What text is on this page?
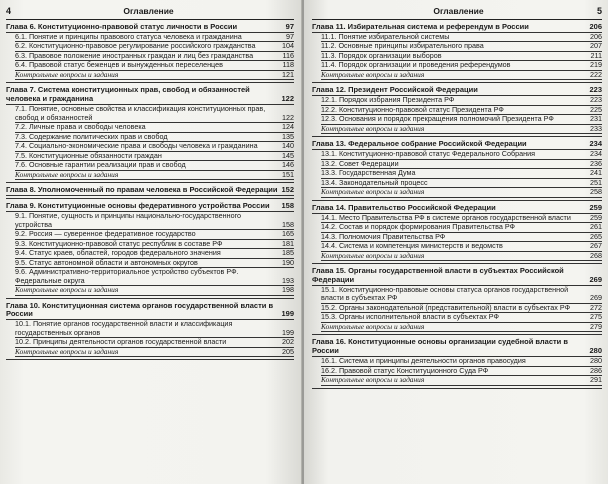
4	Оглавление
Глава 6. Конституционно-правовой статус личности в России	97
6.1. Понятие и принципы правового статуса человека и гражданина	97
6.2. Конституционно-правовое регулирование российского гражданства	104
6.3. Правовое положение иностранных граждан и лиц без гражданства	116
6.4. Правовой статус беженцев и вынужденных переселенцев	118
Контрольные вопросы и задания	121
Глава 7. Система конституционных прав, свобод и обязанностей человека и гражданина	122
7.1. Понятие, основные свойства и классификация конституционных прав, свобод и обязанностей	122
7.2. Личные права и свободы человека	124
7.3. Содержание политических прав и свобод	135
7.4. Социально-экономические права и свободы человека и гражданина	140
7.5. Конституционные обязанности граждан	145
7.6. Основные гарантии реализации прав и свобод	146
Контрольные вопросы и задания	151
Глава 8. Уполномоченный по правам человека в Российской Федерации 152
Глава 9. Конституционные основы федеративного устройства России	158
9.1. Понятие, сущность и принципы национально-государственного устройства	158
9.2. Россия — суверенное федеративное государство	165
9.3. Конституционно-правовой статус республик в составе РФ	181
9.4. Статус краев, областей, городов федерального значения	185
9.5. Статус автономной области и автономных округов	190
9.6. Административно-территориальное устройство субъектов РФ. Федеральные округа	193
Контрольные вопросы и задания	198
Глава 10. Конституционная система органов государственной власти в России	199
10.1. Понятие органов государственной власти и классификация государственных органов	199
10.2. Принципы деятельности органов государственной власти	202
Контрольные вопросы и задания	205
Оглавление	5
Глава 11. Избирательная система и референдум в России	206
11.1. Понятие избирательной системы	206
11.2. Основные принципы избирательного права	207
11.3. Порядок организации выборов	211
11.4. Порядок организации и проведения референдумов	219
Контрольные вопросы и задания	222
Глава 12. Президент Российской Федерации	223
12.1. Порядок избрания Президента РФ	223
12.2. Конституционно-правовой статус Президента РФ	225
12.3. Основания и порядок прекращения полномочий Президента РФ	231
Контрольные вопросы и задания	233
Глава 13. Федеральное собрание Российской Федерации	234
13.1. Конституционно-правовой статус Федерального Собрания	234
13.2. Совет Федерации	236
13.3. Государственная Дума	241
13.4. Законодательный процесс	251
Контрольные вопросы и задания	258
Глава 14. Правительство Российской Федерации	259
14.1. Место Правительства РФ в системе органов государственной власти	259
14.2. Состав и порядок формирования Правительства РФ	261
14.3. Полномочия Правительства РФ	265
14.4. Система и компетенция министерств и ведомств	267
Контрольные вопросы и задания	268
Глава 15. Органы государственной власти в субъектах Российской Федерации	269
15.1. Конституционно-правовые основы статуса органов государственной власти в субъектах РФ	269
15.2. Органы законодательной (представительной) власти в субъектах РФ	272
15.3. Органы исполнительной власти в субъектах РФ	275
Контрольные вопросы и задания	279
Глава 16. Конституционные основы организации судебной власти в России	280
16.1. Система и принципы деятельности органов правосудия	280
16.2. Правовой статус Конституционного Суда РФ	286
Контрольные вопросы и задания	291
